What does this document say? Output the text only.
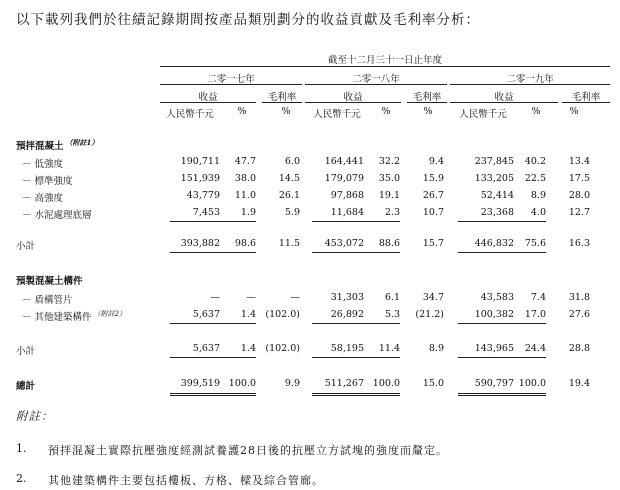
以下載列我們於往績記錄期間按產品類別劃分的收益貢獻及毛利率分析：
截至十二月三十一日止年度
二零一七年	二零一八年	二零一九年
收益	毛利率	收益	毛利率	收益	毛利率
人民幣千元	%	%	人民幣千元	%	%	人民幣千元	%	%
預拌混凝土 $^{(附註1)}$
－ 低強度	190,711	47.7	6.0	164,441	32.2	9.4	237,845	40.2	13.4
－ 標準強度	151,939	38.0	14.5	179,079	35.0	15.9	133,205	22.5	17.5
－ 高強度	43,779	11.0	26.1	97,868	19.1	26.7	52,414	8.9	28.0
－ 水泥處理底層	7,453	1.9	5.9	11,684	2.3	10.7	23,368	4.0	12.7
小計	393,882	98.6	11.5	453,072	88.6	15.7	446,832	75.6	16.3
預製混凝土構件
－ 盾構管片	—	—	—	31,303	6.1	34.7	43,583	7.4	31.8
－ 其他建築構件 $^{(附註2)}$	5,637	1.4 (102.0)	26,892	5.3	(21.2)	100,382	17.0	27.6
小計	5,637	1.4 (102.0)	58,195	11.4	8.9	143,965	24.4	28.8
總計	399,519 100.0	9.9	511,267 100.0	15.0	590,797 100.0	19.4
附註：
1. 預拌混凝土實際抗壓強度經測試養護28日後的抗壓立方試塊的強度而釐定。
2. 其他建築構件主要包括樓板、方格、樑及綜合管廊。
